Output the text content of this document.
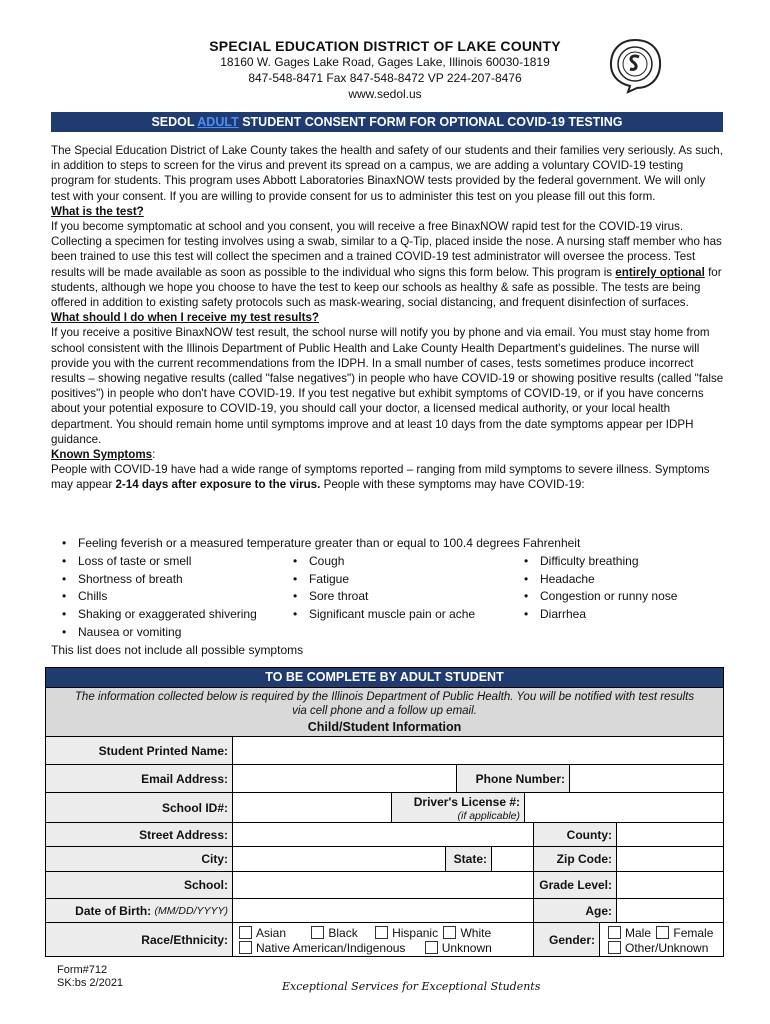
SPECIAL EDUCATION DISTRICT OF LAKE COUNTY
18160 W. Gages Lake Road, Gages Lake, Illinois 60030-1819
847-548-8471 Fax 847-548-8472 VP 224-207-8476
www.sedol.us
SEDOL ADULT STUDENT CONSENT FORM FOR OPTIONAL COVID-19 TESTING

The Special Education District of Lake County takes the health and safety of our students and their families very seriously. As such, in addition to steps to screen for the virus and prevent its spread on a campus, we are adding a voluntary COVID-19 testing program for students. This program uses Abbott Laboratories BinaxNOW tests provided by the federal government. We will only test with your consent. If you are willing to provide consent for us to administer this test on you please fill out this form.

What is the test?

If you become symptomatic at school and you consent, you will receive a free BinaxNOW rapid test for the COVID-19 virus. Collecting a specimen for testing involves using a swab, similar to a Q-Tip, placed inside the nose. A nursing staff member who has been trained to use this test will collect the specimen and a trained COVID-19 test administrator will oversee the process. Test results will be made available as soon as possible to the individual who signs this form below. This program is entirely optional for students, although we hope you choose to have the test to keep our schools as healthy & safe as possible. The tests are being offered in addition to existing safety protocols such as mask-wearing, social distancing, and frequent disinfection of surfaces.

What should I do when I receive my test results?

If you receive a positive BinaxNOW test result, the school nurse will notify you by phone and via email. You must stay home from school consistent with the Illinois Department of Public Health and Lake County Health Department's guidelines. The nurse will provide you with the current recommendations from the IDPH. In a small number of cases, tests sometimes produce incorrect results – showing negative results (called "false negatives") in people who have COVID-19 or showing positive results (called "false positives") in people who don't have COVID-19. If you test negative but exhibit symptoms of COVID-19, or if you have concerns about your potential exposure to COVID-19, you should call your doctor, a licensed medical authority, or your local health department. You should remain home until symptoms improve and at least 10 days from the date symptoms appear per IDPH guidance.

Known Symptoms:

People with COVID-19 have had a wide range of symptoms reported – ranging from mild symptoms to severe illness. Symptoms may appear 2-14 days after exposure to the virus. People with these symptoms may have COVID-19:

• Feeling feverish or a measured temperature greater than or equal to 100.4 degrees Fahrenheit
• Loss of taste or smell
• Shortness of breath
• Chills
• Shaking or exaggerated shivering
• Nausea or vomiting
• Cough
• Fatigue
• Sore throat
• Significant muscle pain or ache
• Difficulty breathing
• Headache
• Congestion or runny nose
• Diarrhea
This list does not include all possible symptoms
TO BE COMPLETE BY ADULT STUDENT
The information collected below is required by the Illinois Department of Public Health. You will be notified with test results via cell phone and a follow up email.
Child/Student Information
Student Printed Name:
Email Address:	Phone Number:
School ID#:	Driver's License #:
(if applicable)
Street Address:	County:
City:	State:	Zip Code:
School:	Grade Level:
Date of Birth:
(MM/DD/YYYY)	Age:
Race/Ethnicity:	Asian	Black	Hispanic White
Native American/Indigenous	Unknown
Gender:	Male Female
Other/Unknown
Form#712
SK:bs 2/2021	Exceptional Services for Exceptional Students
